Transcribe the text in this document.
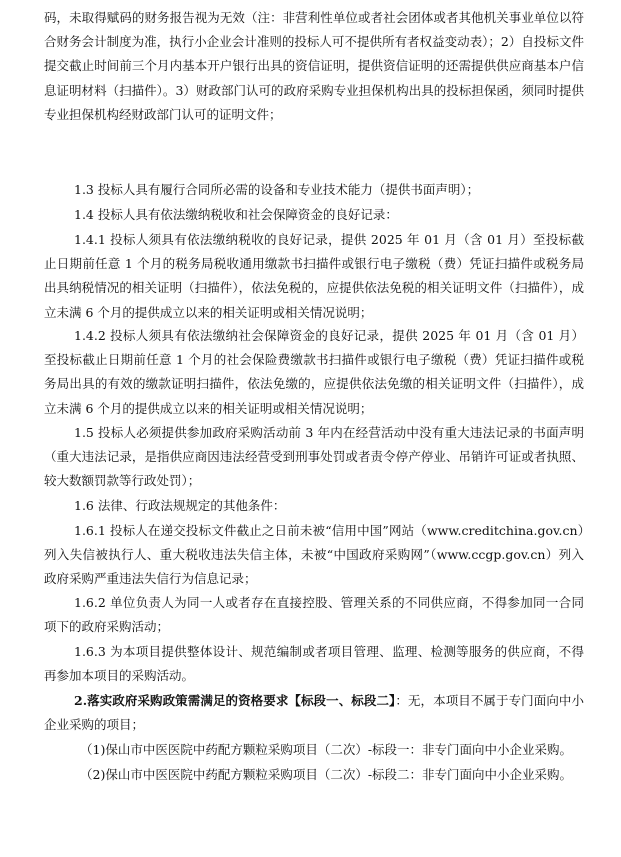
码，未取得赋码的财务报告视为无效（注：非营利性单位或者社会团体或者其他机关事业单位以符合财务会计制度为准，执行小企业会计准则的投标人可不提供所有者权益变动表）；2）自投标文件提交截止时间前三个月内基本开户银行出具的资信证明，提供资信证明的还需提供供应商基本户信息证明材料（扫描件）。3）财政部门认可的政府采购专业担保机构出具的投标担保函，须同时提供专业担保机构经财政部门认可的证明文件；

1.3 投标人具有履行合同所必需的设备和专业技术能力（提供书面声明）；

1.4 投标人具有依法缴纳税收和社会保障资金的良好记录：

1.4.1 投标人须具有依法缴纳税收的良好记录，提供 2025 年 01 月（含 01 月）至投标截止日期前任意 1 个月的税务局税收通用缴款书扫描件或银行电子缴税（费）凭证扫描件或税务局出具纳税情况的相关证明（扫描件），依法免税的，应提供依法免税的相关证明文件（扫描件），成立未满 6 个月的提供成立以来的相关证明或相关情况说明；

1.4.2 投标人须具有依法缴纳社会保障资金的良好记录，提供 2025 年 01 月（含 01 月）至投标截止日期前任意 1 个月的社会保险费缴款书扫描件或银行电子缴税（费）凭证扫描件或税务局出具的有效的缴款证明扫描件，依法免缴的，应提供依法免缴的相关证明文件（扫描件），成立未满 6 个月的提供成立以来的相关证明或相关情况说明；

1.5 投标人必须提供参加政府采购活动前 3 年内在经营活动中没有重大违法记录的书面声明（重大违法记录，是指供应商因违法经营受到刑事处罚或者责令停产停业、吊销许可证或者执照、较大数额罚款等行政处罚）；

1.6 法律、行政法规规定的其他条件：

1.6.1 投标人在递交投标文件截止之日前未被“信用中国”网站（www.creditchina.gov.cn）列入失信被执行人、重大税收违法失信主体，未被“中国政府采购网”（www.ccgp.gov.cn）列入政府采购严重违法失信行为信息记录；

1.6.2 单位负责人为同一人或者存在直接控股、管理关系的不同供应商，不得参加同一合同项下的政府采购活动；

1.6.3 为本项目提供整体设计、规范编制或者项目管理、监理、检测等服务的供应商，不得再参加本项目的采购活动。

2.落实政府采购政策需满足的资格要求【标段一、标段二】：无，本项目不属于专门面向中小企业采购的项目；

（1)保山市中医医院中药配方颗粒采购项目（二次）-标段一：非专门面向中小企业采购。

（2)保山市中医医院中药配方颗粒采购项目（二次）-标段二：非专门面向中小企业采购。
